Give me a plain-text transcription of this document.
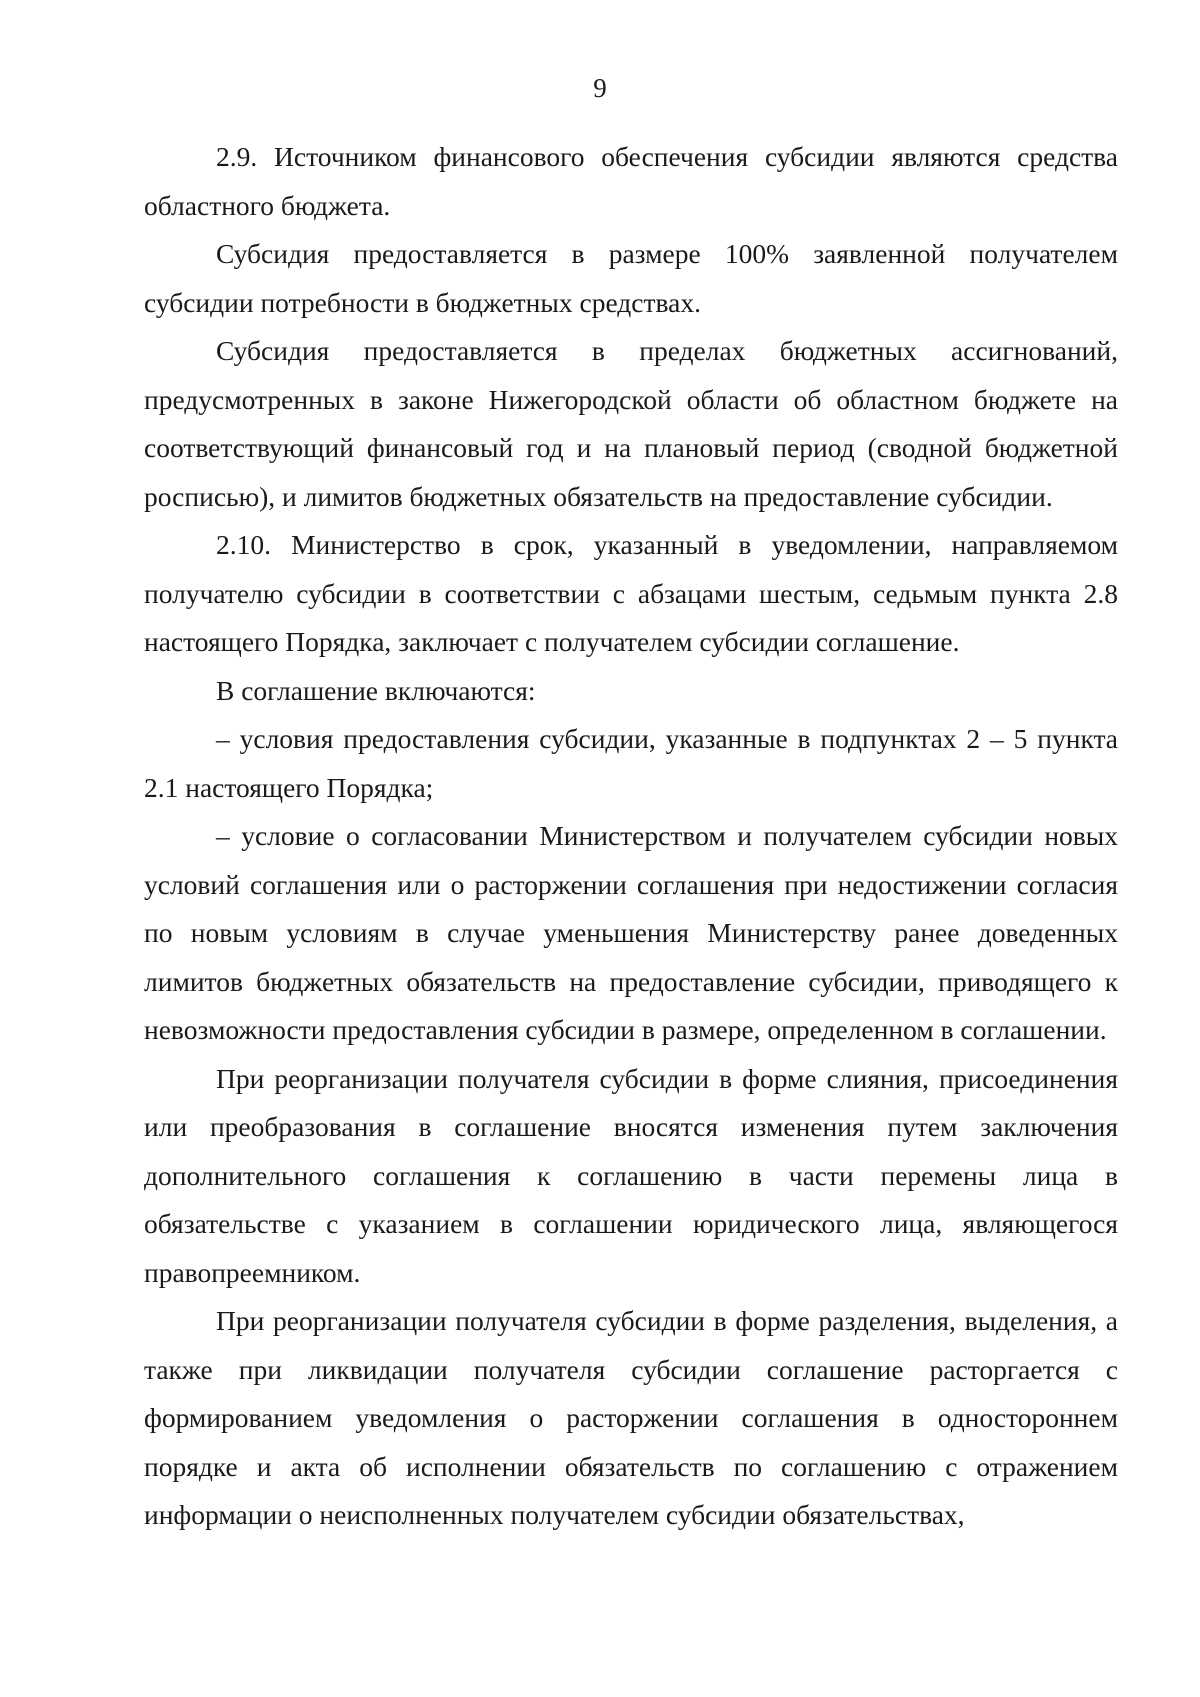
9

2.9. Источником финансового обеспечения субсидии являются средства областного бюджета.

Субсидия предоставляется в размере 100% заявленной получателем субсидии потребности в бюджетных средствах.

Субсидия предоставляется в пределах бюджетных ассигнований, предусмотренных в законе Нижегородской области об областном бюджете на соответствующий финансовый год и на плановый период (сводной бюджетной росписью), и лимитов бюджетных обязательств на предоставление субсидии.

2.10. Министерство в срок, указанный в уведомлении, направляемом получателю субсидии в соответствии с абзацами шестым, седьмым пункта 2.8 настоящего Порядка, заключает с получателем субсидии соглашение.

В соглашение включаются:

– условия предоставления субсидии, указанные в подпунктах 2 – 5 пункта 2.1 настоящего Порядка;

– условие о согласовании Министерством и получателем субсидии новых условий соглашения или о расторжении соглашения при недостижении согласия по новым условиям в случае уменьшения Министерству ранее доведенных лимитов бюджетных обязательств на предоставление субсидии, приводящего к невозможности предоставления субсидии в размере, определенном в соглашении.

При реорганизации получателя субсидии в форме слияния, присоединения или преобразования в соглашение вносятся изменения путем заключения дополнительного соглашения к соглашению в части перемены лица в обязательстве с указанием в соглашении юридического лица, являющегося правопреемником.

При реорганизации получателя субсидии в форме разделения, выделения, а также при ликвидации получателя субсидии соглашение расторгается с формированием уведомления о расторжении соглашения в одностороннем порядке и акта об исполнении обязательств по соглашению с отражением информации о неисполненных получателем субсидии обязательствах,
